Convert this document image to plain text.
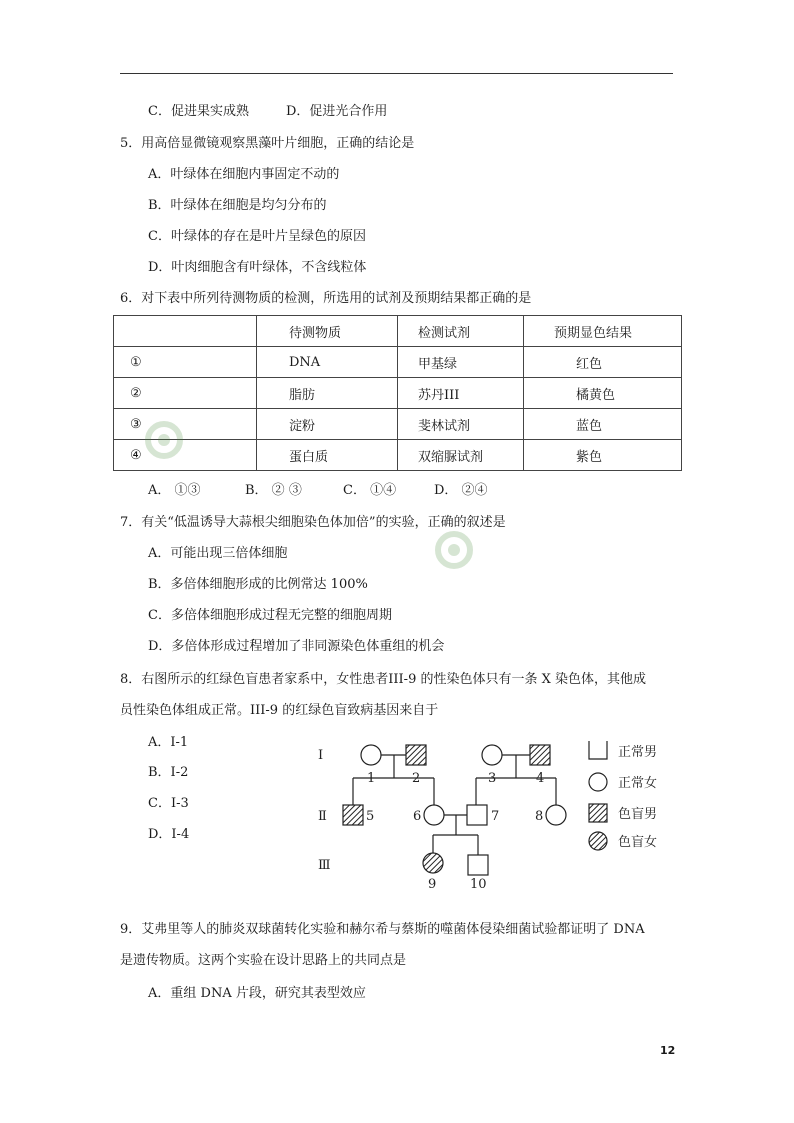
C．促进果实成熟	D．促进光合作用
5．用高倍显微镜观察黑藻叶片细胞，正确的结论是
A．叶绿体在细胞内事固定不动的
B．叶绿体在细胞是均匀分布的
C．叶绿体的存在是叶片呈绿色的原因
D．叶肉细胞含有叶绿体，不含线粒体
6．对下表中所列待测物质的检测，所选用的试剂及预期结果都正确的是
	待测物质	检测试剂	预期显色结果
①	DNA	甲基绿	红色
②	脂肪	苏丹III	橘黄色
③	淀粉	斐林试剂	蓝色
④	蛋白质	双缩脲试剂	紫色
A． ①③	B． ② ③	C． ①④	D． ②④
7．有关“低温诱导大蒜根尖细胞染色体加倍”的实验，正确的叙述是
A．可能出现三倍体细胞
B．多倍体细胞形成的比例常达 100%
C．多倍体细胞形成过程无完整的细胞周期
D．多倍体形成过程增加了非同源染色体重组的机会
8．右图所示的红绿色盲患者家系中，女性患者III-9 的性染色体只有一条 X 染色体，其他成
员性染色体组成正常。III-9 的红绿色盲致病基因来自于
A．Ⅰ-1
B．Ⅰ-2
C．Ⅰ-3
D．Ⅰ-4
Ⅰ
Ⅱ
Ⅲ
1	2	3	4
5	6	7	8
9	10
正常男
正常女
色盲男
色盲女
9．艾弗里等人的肺炎双球菌转化实验和赫尔希与蔡斯的噬菌体侵染细菌试验都证明了 DNA
是遗传物质。这两个实验在设计思路上的共同点是
A．重组 DNA 片段，研究其表型效应
12
